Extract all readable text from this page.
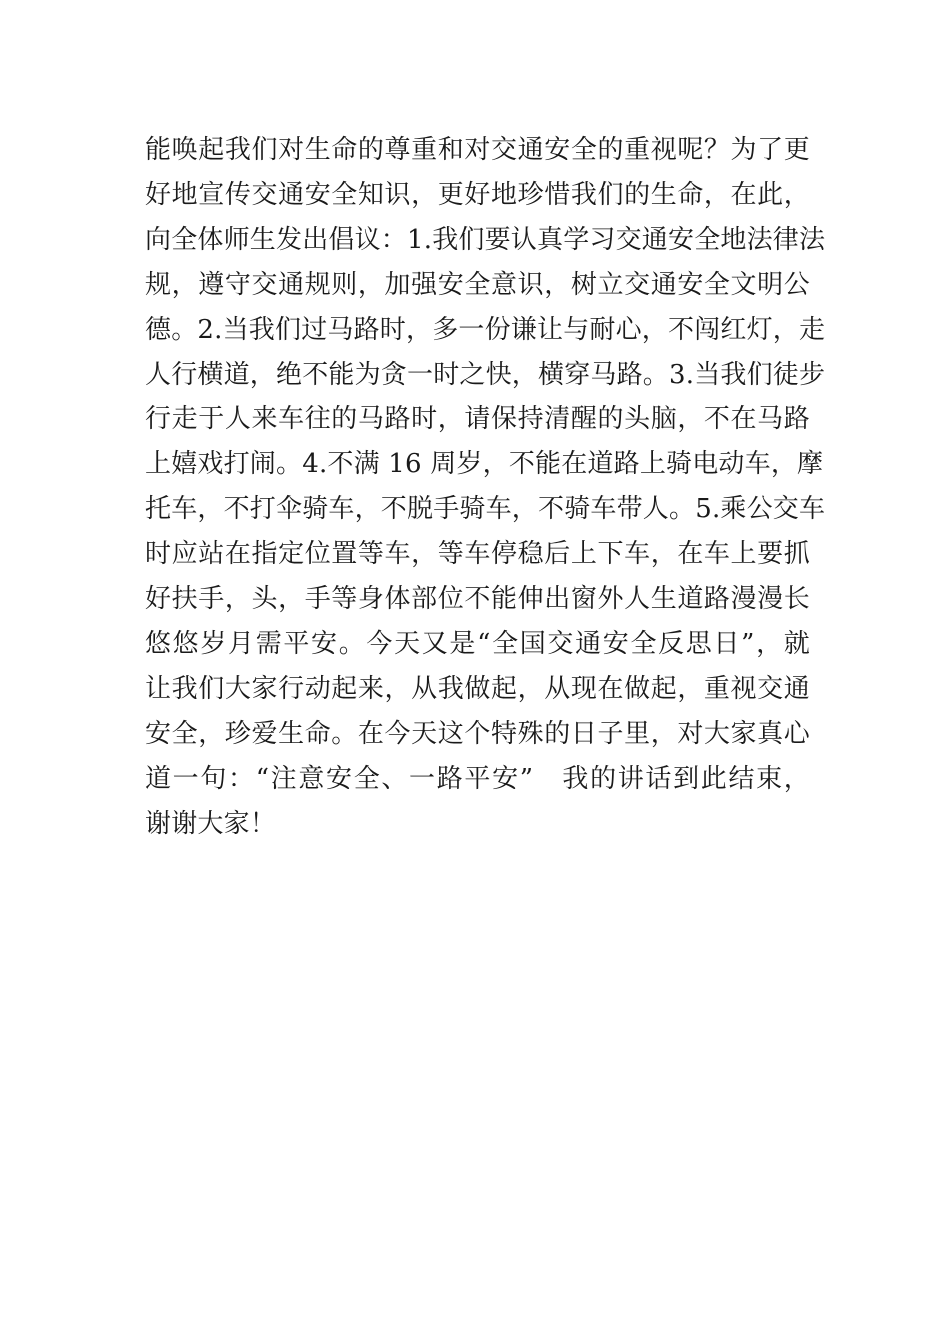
能唤起我们对生命的尊重和对交通安全的重视呢？为了更
好地宣传交通安全知识，更好地珍惜我们的生命，在此，
向全体师生发出倡议：1.我们要认真学习交通安全地法律法
规，遵守交通规则，加强安全意识，树立交通安全文明公
德。2.当我们过马路时，多一份谦让与耐心，不闯红灯，走
人行横道，绝不能为贪一时之快，横穿马路。3.当我们徒步
行走于人来车往的马路时，请保持清醒的头脑，不在马路
上嬉戏打闹。4.不满 16 周岁，不能在道路上骑电动车，摩
托车，不打伞骑车，不脱手骑车，不骑车带人。5.乘公交车
时应站在指定位置等车，等车停稳后上下车，在车上要抓
好扶手，头，手等身体部位不能伸出窗外人生道路漫漫长
悠悠岁月需平安。今天又是“全国交通安全反思日”，就
让我们大家行动起来，从我做起，从现在做起，重视交通
安全，珍爱生命。在今天这个特殊的日子里，对大家真心
道一句：“注意安全、一路平安”　我的讲话到此结束，
谢谢大家！
